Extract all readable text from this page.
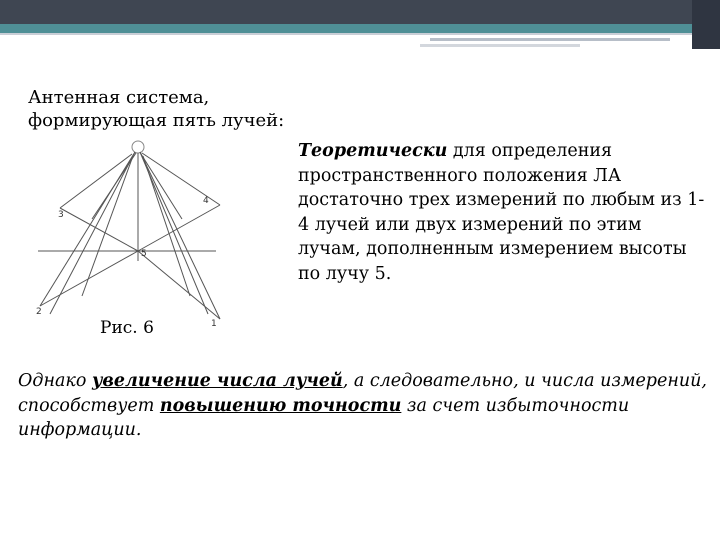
Антенная система,
формирующая пять лучей:
Теоретически для определения пространственного положения ЛА достаточно трех измерений по любым из 1-4 лучей или двух измерений по этим лучам, дополненным измерением высоты по лучу 5.
3
4
5
2
1
Рис. 6
Однако увеличение числа лучей, а следовательно, и числа измерений, способствует повышению точности за счет избыточности информации.
